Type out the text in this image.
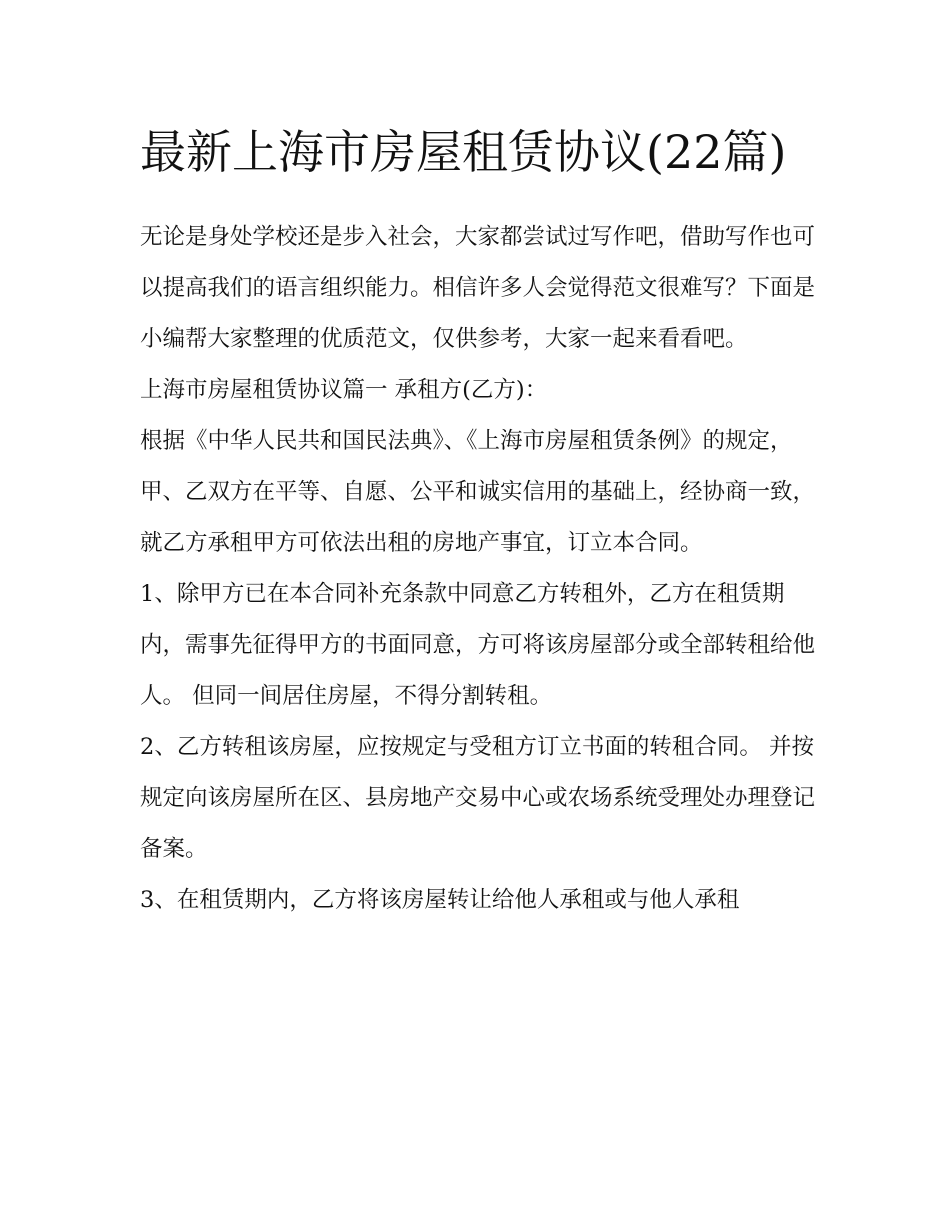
最新上海市房屋租赁协议(22篇)

无论是身处学校还是步入社会，大家都尝试过写作吧，借助写作也可以提高我们的语言组织能力。相信许多人会觉得范文很难写？下面是小编帮大家整理的优质范文，仅供参考，大家一起来看看吧。

上海市房屋租赁协议篇一 承租方(乙方)：

根据《中华人民共和国民法典》、《上海市房屋租赁条例》的规定，甲、乙双方在平等、自愿、公平和诚实信用的基础上，经协商一致，就乙方承租甲方可依法出租的房地产事宜，订立本合同。

1、除甲方已在本合同补充条款中同意乙方转租外，乙方在租赁期内，需事先征得甲方的书面同意，方可将该房屋部分或全部转租给他人。 但同一间居住房屋，不得分割转租。

2、乙方转租该房屋，应按规定与受租方订立书面的转租合同。 并按规定向该房屋所在区、县房地产交易中心或农场系统受理处办理登记备案。

3、在租赁期内，乙方将该房屋转让给他人承租或与他人承租
